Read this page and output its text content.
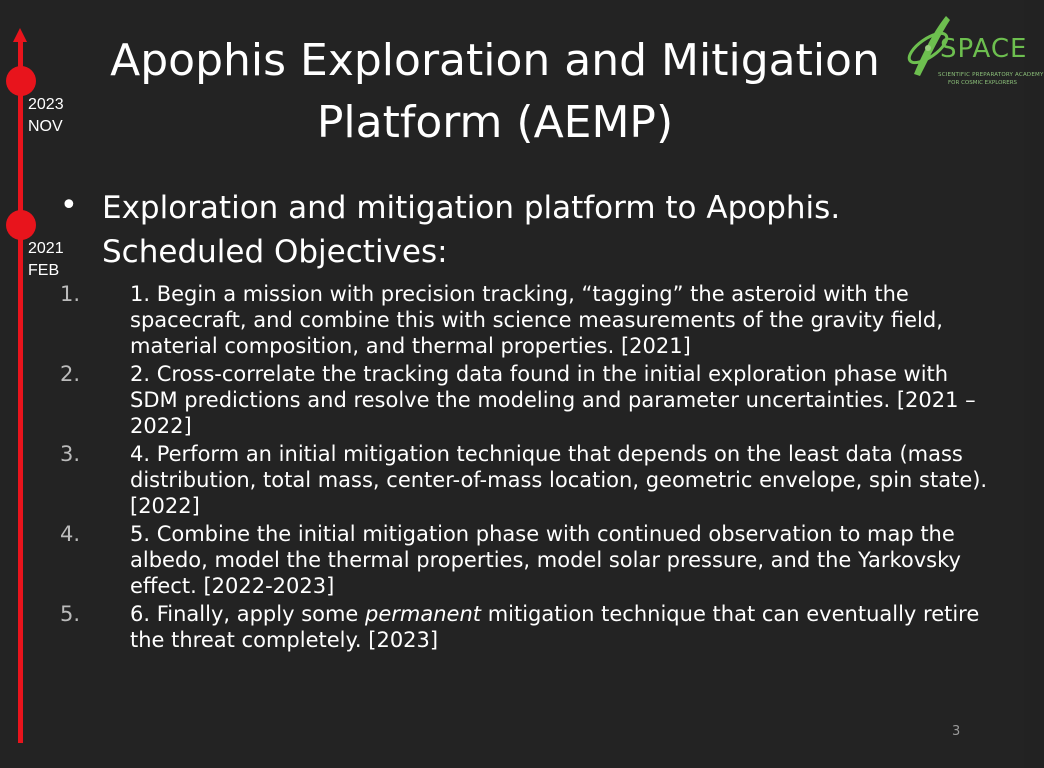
2023
NOV
2021
FEB
SPACE
SCIENTIFIC PREPARATORY ACADEMY
FOR COSMIC EXPLORERS
Apophis Exploration and Mitigation Platform (AEMP)
• Exploration and mitigation platform to Apophis. Scheduled Objectives:
1. 1. Begin a mission with precision tracking, “tagging” the asteroid with the spacecraft, and combine this with science measurements of the gravity field, material composition, and thermal properties. [2021]
2. 2. Cross-correlate the tracking data found in the initial exploration phase with SDM predictions and resolve the modeling and parameter uncertainties. [2021 – 2022]
3. 4. Perform an initial mitigation technique that depends on the least data (mass distribution, total mass, center-of-mass location, geometric envelope, spin state). [2022]
4. 5. Combine the initial mitigation phase with continued observation to map the albedo, model the thermal properties, model solar pressure, and the Yarkovsky effect. [2022-2023]
5. 6. Finally, apply some permanent mitigation technique that can eventually retire the threat completely. [2023]
3
